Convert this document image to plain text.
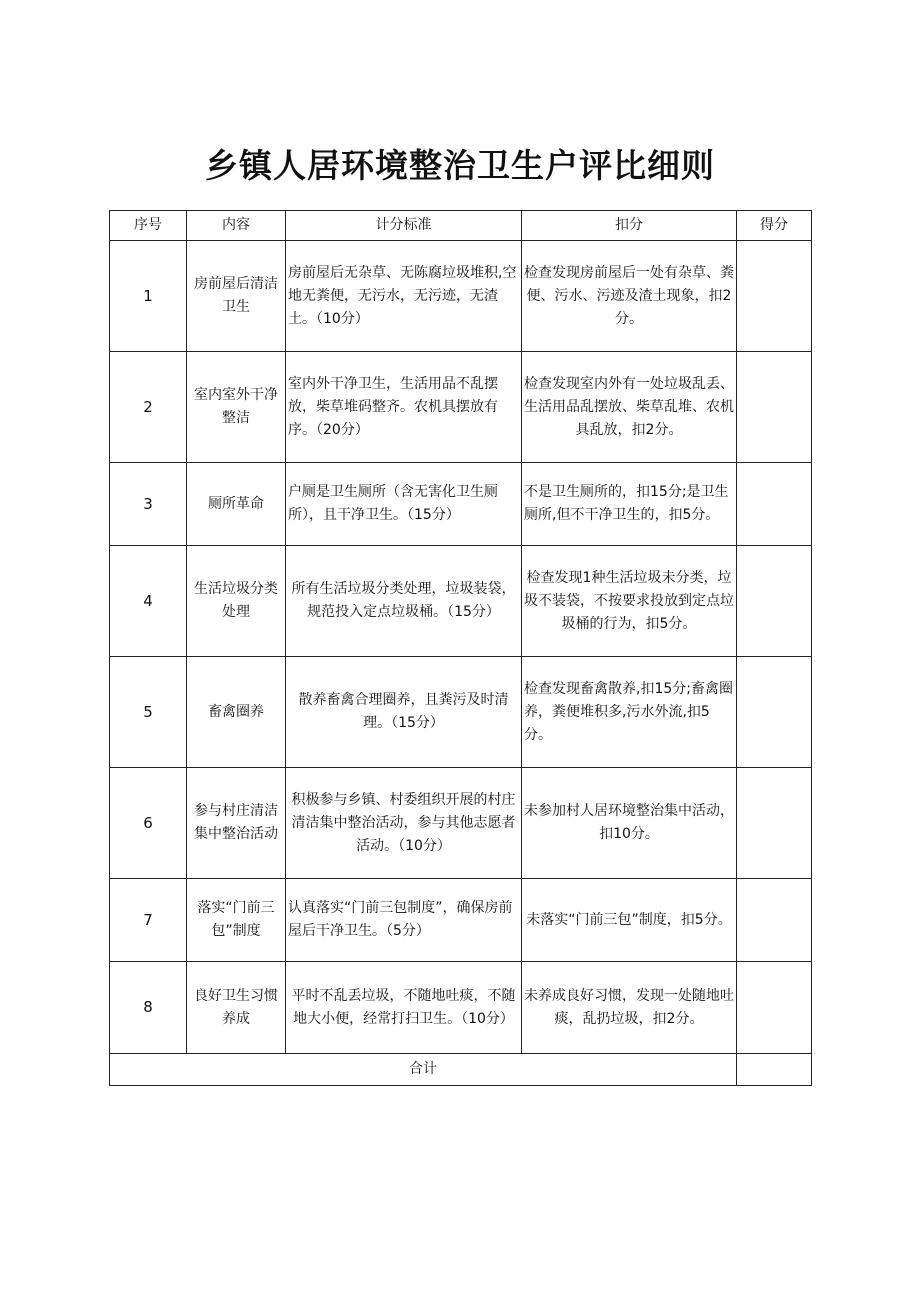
乡镇人居环境整治卫生户评比细则
序号	内容	计分标准	扣分	得分
1	房前屋后清洁卫生	房前屋后无杂草、无陈腐垃圾堆积,空地无粪便，无污水，无污迹，无渣土。（10分）	检查发现房前屋后一处有杂草、粪便、污水、污迹及渣土现象，扣2分。	
2	室内室外干净整洁	室内外干净卫生，生活用品不乱摆放，柴草堆码整齐。农机具摆放有序。（20分）	检查发现室内外有一处垃圾乱丢、生活用品乱摆放、柴草乱堆、农机具乱放，扣2分。	
3	厕所革命	户厕是卫生厕所（含无害化卫生厕所），且干净卫生。（15分）	不是卫生厕所的，扣15分;是卫生厕所,但不干净卫生的，扣5分。	
4	生活垃圾分类处理	所有生活垃圾分类处理，垃圾装袋，规范投入定点垃圾桶。（15分）	检查发现1种生活垃圾未分类，垃圾不装袋，不按要求投放到定点垃圾桶的行为，扣5分。	
5	畜禽圈养	散养畜禽合理圈养，且粪污及时清理。（15分）	检查发现畜禽散养,扣15分;畜禽圈养，粪便堆积多,污水外流,扣5分。	
6	参与村庄清洁集中整治活动	积极参与乡镇、村委组织开展的村庄清洁集中整治活动，参与其他志愿者活动。（10分）	未参加村人居环境整治集中活动，扣10分。	
7	落实“门前三包”制度	认真落实“门前三包制度”，确保房前屋后干净卫生。（5分）	未落实“门前三包”制度，扣5分。	
8	良好卫生习惯养成	平时不乱丢垃圾，不随地吐痰，不随地大小便，经常打扫卫生。（10分）	未养成良好习惯，发现一处随地吐痰，乱扔垃圾，扣2分。	
合计				
